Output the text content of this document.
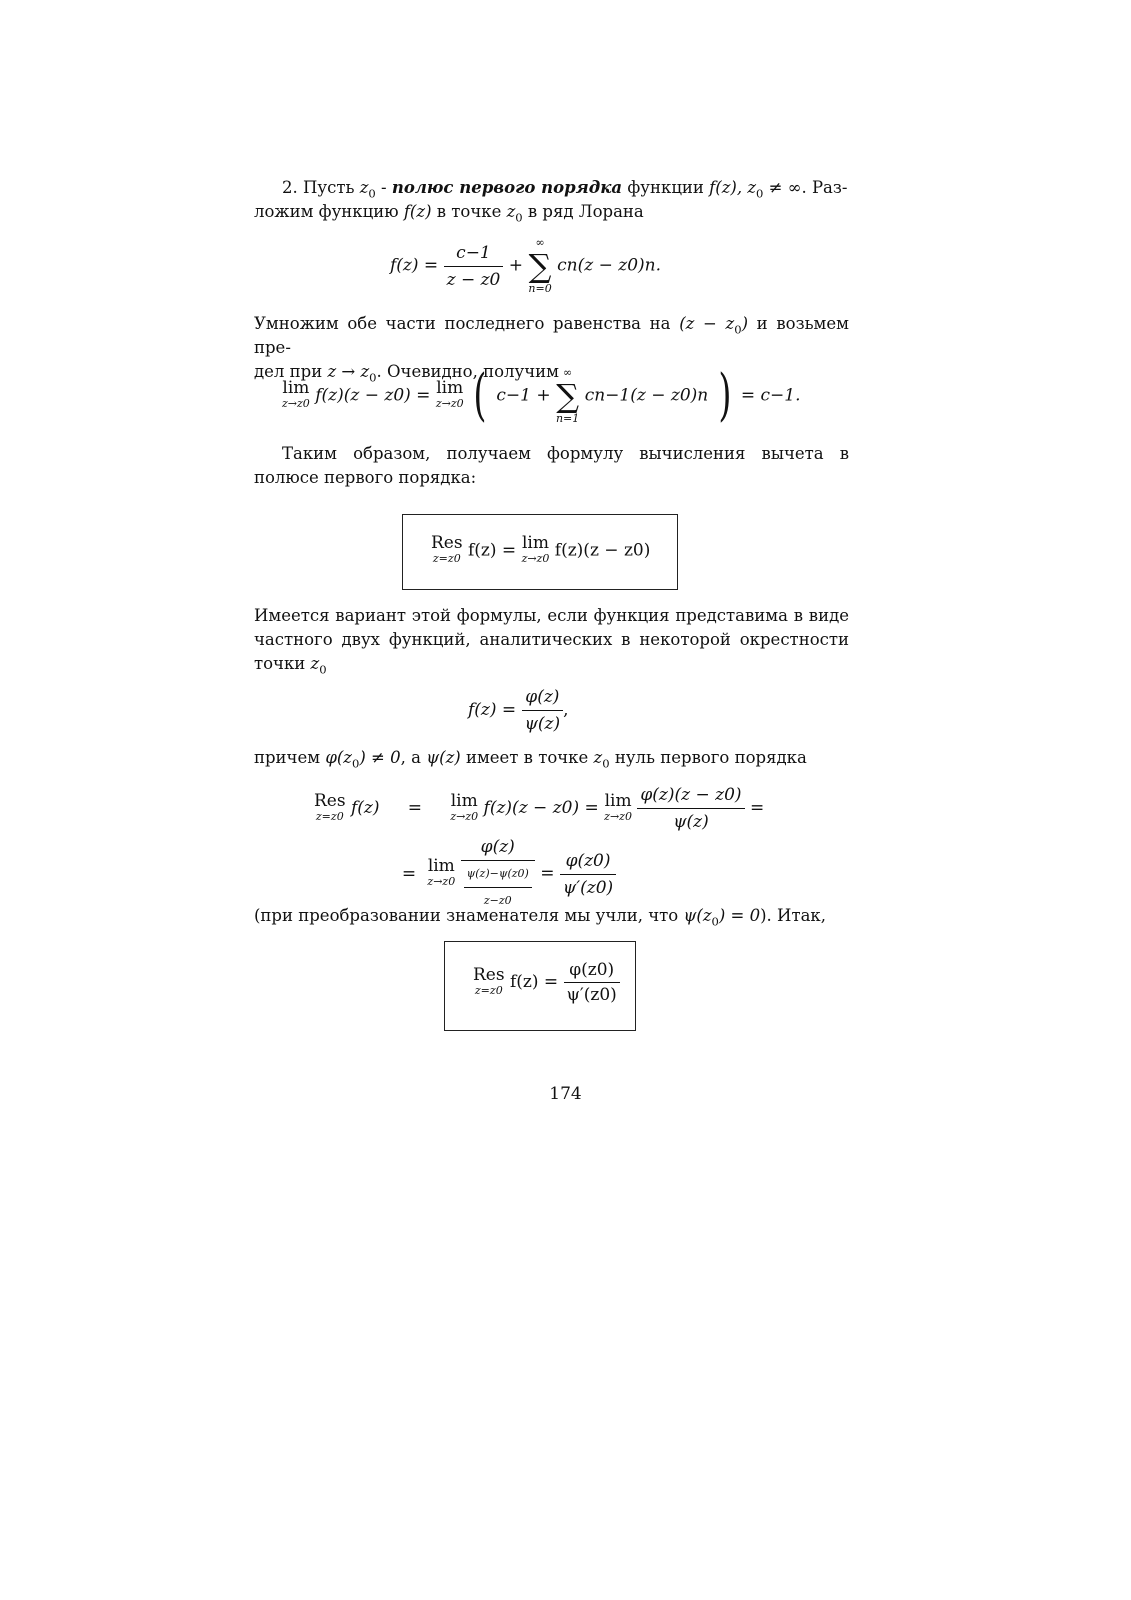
2. Пусть $z_0$ - полюс первого порядка функции f(z), $z_0$ ≠ ∞. Раз-
ложим функцию f(z) в точке $z_0$ в ряд Лорана
$f(z) = \frac{c-1}{z - z0}$ +
∞
∑
n=0
cn(z − z0)n.
Умножим обе части последнего равенства на $(z - z_0)$ и возьмем пре-
дел при $z \to z_0$. Очевидно, получим
lim
z→z0 f(z)(z − z0) = lim
z→z0 ( c−1 +
∞
∑
n=1
cn−1(z − z0)n ) = c−1.
Таким образом, получаем формулу вычисления вычета в полюсе первого порядка:
Res
z=z0 f(z) = lim
z→z0 f(z)(z − z0)
Имеется вариант этой формулы, если функция представима в виде частного двух функций, аналитических в некоторой окрестности точки $z_0$
$f(z) = \frac{\varphi(z)}{\psi(z)}$ ,
причем $\varphi(z_0) \ne 0$, а ψ(z) имеет в точке $z_0$ нуль первого порядка
Res
z=z0 f(z) = lim
z→z0 f(z)(z − z0) = lim
z→z0
$\frac{\varphi(z)(z - z0)}{\psi(z)}$ =
= lim
z→z0
$\frac{\varphi(z)}{\frac{\psi(z)-\psi(z0)}{z-z0}} = \frac{\varphi(z0)}{\psi'(z0)}$
(при преобразовании знаменателя мы учли, что $\psi(z_0) = 0$). Итак,
Res
z=z0 $f(z) = \frac{\varphi(z0)}{\psi'(z0)}$
174
